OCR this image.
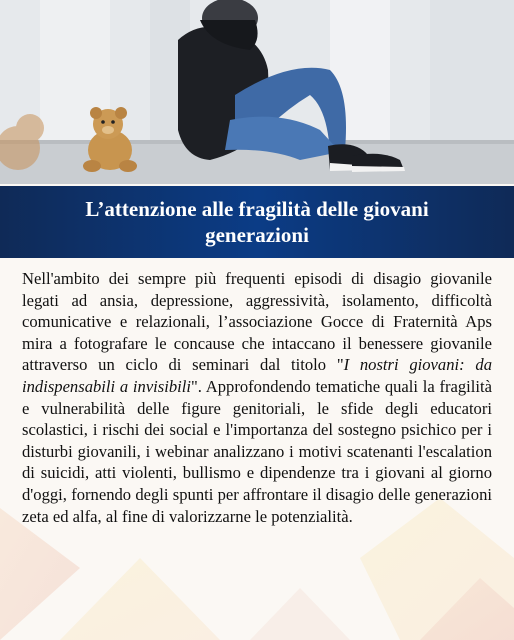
L’attenzione alle fragilità delle giovani generazioni
Nell'ambito dei sempre più frequenti episodi di disagio giovanile legati ad ansia, depressione, aggressività, isolamento, difficoltà comunicative e relazionali, l’associazione Gocce di Fraternità Aps mira a fotografare le concause che intaccano il benessere giovanile attraverso un ciclo di seminari dal titolo "I nostri giovani: da indispensabili a invisibili". Approfondendo tematiche quali la fragilità e vulnerabilità delle figure genitoriali, le sfide degli educatori scolastici, i rischi dei social e l'importanza del sostegno psichico per i disturbi giovanili, i webinar analizzano i motivi scatenanti l'escalation di suicidi, atti violenti, bullismo e dipendenze tra i giovani al giorno d'oggi, fornendo degli spunti per affrontare il disagio delle generazioni zeta ed alfa, al fine di valorizzarne le potenzialità.
